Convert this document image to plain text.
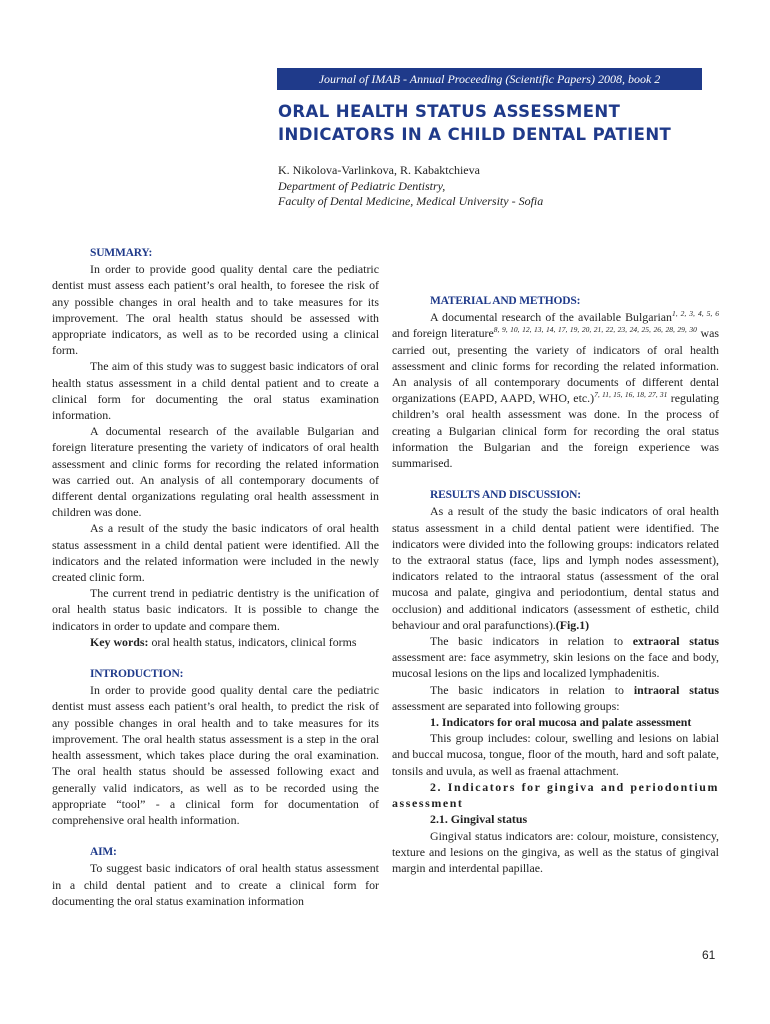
Journal of IMAB - Annual Proceeding (Scientific Papers) 2008, book 2
ORAL HEALTH STATUS ASSESSMENT INDICATORS IN A CHILD DENTAL PATIENT
K. Nikolova-Varlinkova, R. Kabaktchieva
Department of Pediatric Dentistry,
Faculty of Dental Medicine, Medical University - Sofia
SUMMARY:

In order to provide good quality dental care the pediatric dentist must assess each patient’s oral health, to foresee the risk of any possible changes in oral health and to take measures for its improvement. The oral health status should be assessed with appropriate indicators, as well as to be recorded using a clinical form.

The aim of this study was to suggest basic indicators of oral health status assessment in a child dental patient and to create a clinical form for documenting the oral status examination information.

A documental research of the available Bulgarian and foreign literature presenting the variety of indicators of oral health assessment and clinic forms for recording the related information was carried out. An analysis of all contemporary documents of different dental organizations regulating oral health assessment in children was done.

As a result of the study the basic indicators of oral health status assessment in a child dental patient were identified. All the indicators and the related information were included in the newly created clinic form.

The current trend in pediatric dentistry is the unification of oral health status basic indicators. It is possible to change the indicators in order to update and compare them.

Key words: oral health status, indicators, clinical forms

INTRODUCTION:

In order to provide good quality dental care the pediatric dentist must assess each patient’s oral health, to predict the risk of any possible changes in oral health and to take measures for its improvement. The oral health status assessment is a step in the oral health assessment, which takes place during the oral examination. The oral health status should be assessed following exact and generally valid indicators, as well as to be recorded using the appropriate “tool” - a clinical form for documentation of comprehensive oral health information.

AIM:

To suggest basic indicators of oral health status assessment in a child dental patient and to create a clinical form for documenting the oral status examination information

MATERIAL AND METHODS:

A documental research of the available Bulgarian$^{1, 2, 3, 4, 5, 6}$ and foreign literature$^{8, 9, 10, 12, 13, 14, 17, 19, 20, 21, 22, 23, 24, 25, 26, 28, 29, 30}$ was carried out, presenting the variety of indicators of oral health assessment and clinic forms for recording the related information. An analysis of all contemporary documents of different dental organizations (EAPD, AAPD, WHO, etc.)$^{7, 11, 15, 16, 18, 27, 31}$ regulating children’s oral health assessment was done. In the process of creating a Bulgarian clinical form for recording the oral status information the Bulgarian and the foreign experience was summarised.

RESULTS AND DISCUSSION:

As a result of the study the basic indicators of oral health status assessment in a child dental patient were identified. The indicators were divided into the following groups: indicators related to the extraoral status (face, lips and lymph nodes assessment), indicators related to the intraoral status (assessment of the oral mucosa and palate, gingiva and periodontium, dental status and occlusion) and additional indicators (assessment of esthetic, child behaviour and oral parafunctions).(Fig.1)

The basic indicators in relation to extraoral status assessment are: face asymmetry, skin lesions on the face and body, mucosal lesions on the lips and localized lymphadenitis.

The basic indicators in relation to intraoral status assessment are separated into following groups:

1. Indicators for oral mucosa and palate assessment

This group includes: colour, swelling and lesions on labial and buccal mucosa, tongue, floor of the mouth, hard and soft palate, tonsils and uvula, as well as fraenal attachment.

2. Indicators for gingiva and periodontium assessment

2.1. Gingival status

Gingival status indicators are: colour, moisture, consistency, texture and lesions on the gingiva, as well as the status of gingival margin and interdental papillae.

61
